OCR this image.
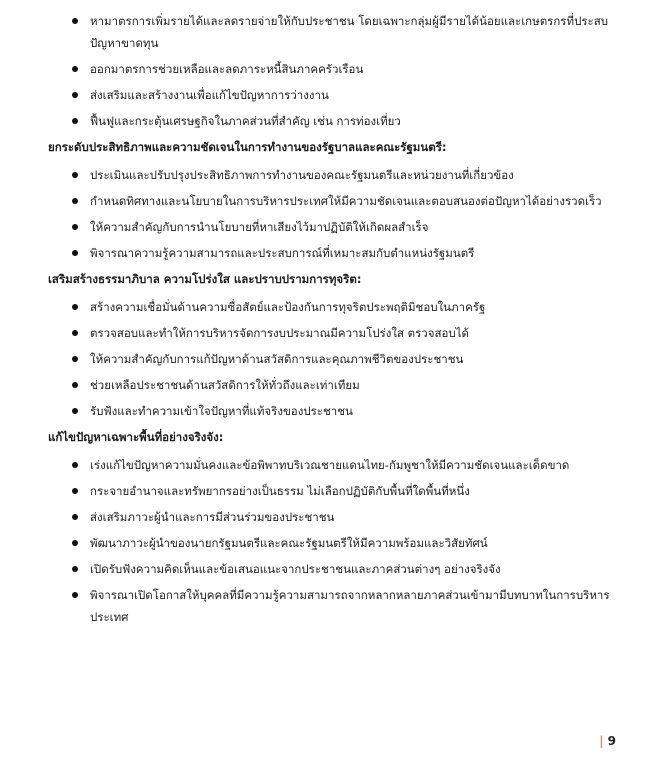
หามาตรการเพิ่มรายได้และลดรายจ่ายให้กับประชาชน โดยเฉพาะกลุ่มผู้มีรายได้น้อยและเกษตรกรที่ประสบปัญหาขาดทุน
ออกมาตรการช่วยเหลือและลดภาระหนี้สินภาคครัวเรือน
ส่งเสริมและสร้างงานเพื่อแก้ไขปัญหาการว่างงาน
ฟื้นฟูและกระตุ้นเศรษฐกิจในภาคส่วนที่สำคัญ เช่น การท่องเที่ยว
ยกระดับประสิทธิภาพและความชัดเจนในการทำงานของรัฐบาลและคณะรัฐมนตรี:
ประเมินและปรับปรุงประสิทธิภาพการทำงานของคณะรัฐมนตรีและหน่วยงานที่เกี่ยวข้อง
กำหนดทิศทางและนโยบายในการบริหารประเทศให้มีความชัดเจนและตอบสนองต่อปัญหาได้อย่างรวดเร็ว
ให้ความสำคัญกับการนำนโยบายที่หาเสียงไว้มาปฏิบัติให้เกิดผลสำเร็จ
พิจารณาความรู้ความสามารถและประสบการณ์ที่เหมาะสมกับตำแหน่งรัฐมนตรี
เสริมสร้างธรรมาภิบาล ความโปร่งใส และปราบปรามการทุจริต:
สร้างความเชื่อมั่นด้านความซื่อสัตย์และป้องกันการทุจริตประพฤติมิชอบในภาครัฐ
ตรวจสอบและทำให้การบริหารจัดการงบประมาณมีความโปร่งใส ตรวจสอบได้
ให้ความสำคัญกับการแก้ปัญหาด้านสวัสดิการและคุณภาพชีวิตของประชาชน
ช่วยเหลือประชาชนด้านสวัสดิการให้ทั่วถึงและเท่าเทียม
รับฟังและทำความเข้าใจปัญหาที่แท้จริงของประชาชน
แก้ไขปัญหาเฉพาะพื้นที่อย่างจริงจัง:
เร่งแก้ไขปัญหาความมั่นคงและข้อพิพาทบริเวณชายแดนไทย-กัมพูชาให้มีความชัดเจนและเด็ดขาด
กระจายอำนาจและทรัพยากรอย่างเป็นธรรม ไม่เลือกปฏิบัติกับพื้นที่ใดพื้นที่หนึ่ง
ส่งเสริมภาวะผู้นำและการมีส่วนร่วมของประชาชน
พัฒนาภาวะผู้นำของนายกรัฐมนตรีและคณะรัฐมนตรีให้มีความพร้อมและวิสัยทัศน์
เปิดรับฟังความคิดเห็นและข้อเสนอแนะจากประชาชนและภาคส่วนต่างๆ อย่างจริงจัง
พิจารณาเปิดโอกาสให้บุคคลที่มีความรู้ความสามารถจากหลากหลายภาคส่วนเข้ามามีบทบาทในการบริหารประเทศ
| 9
